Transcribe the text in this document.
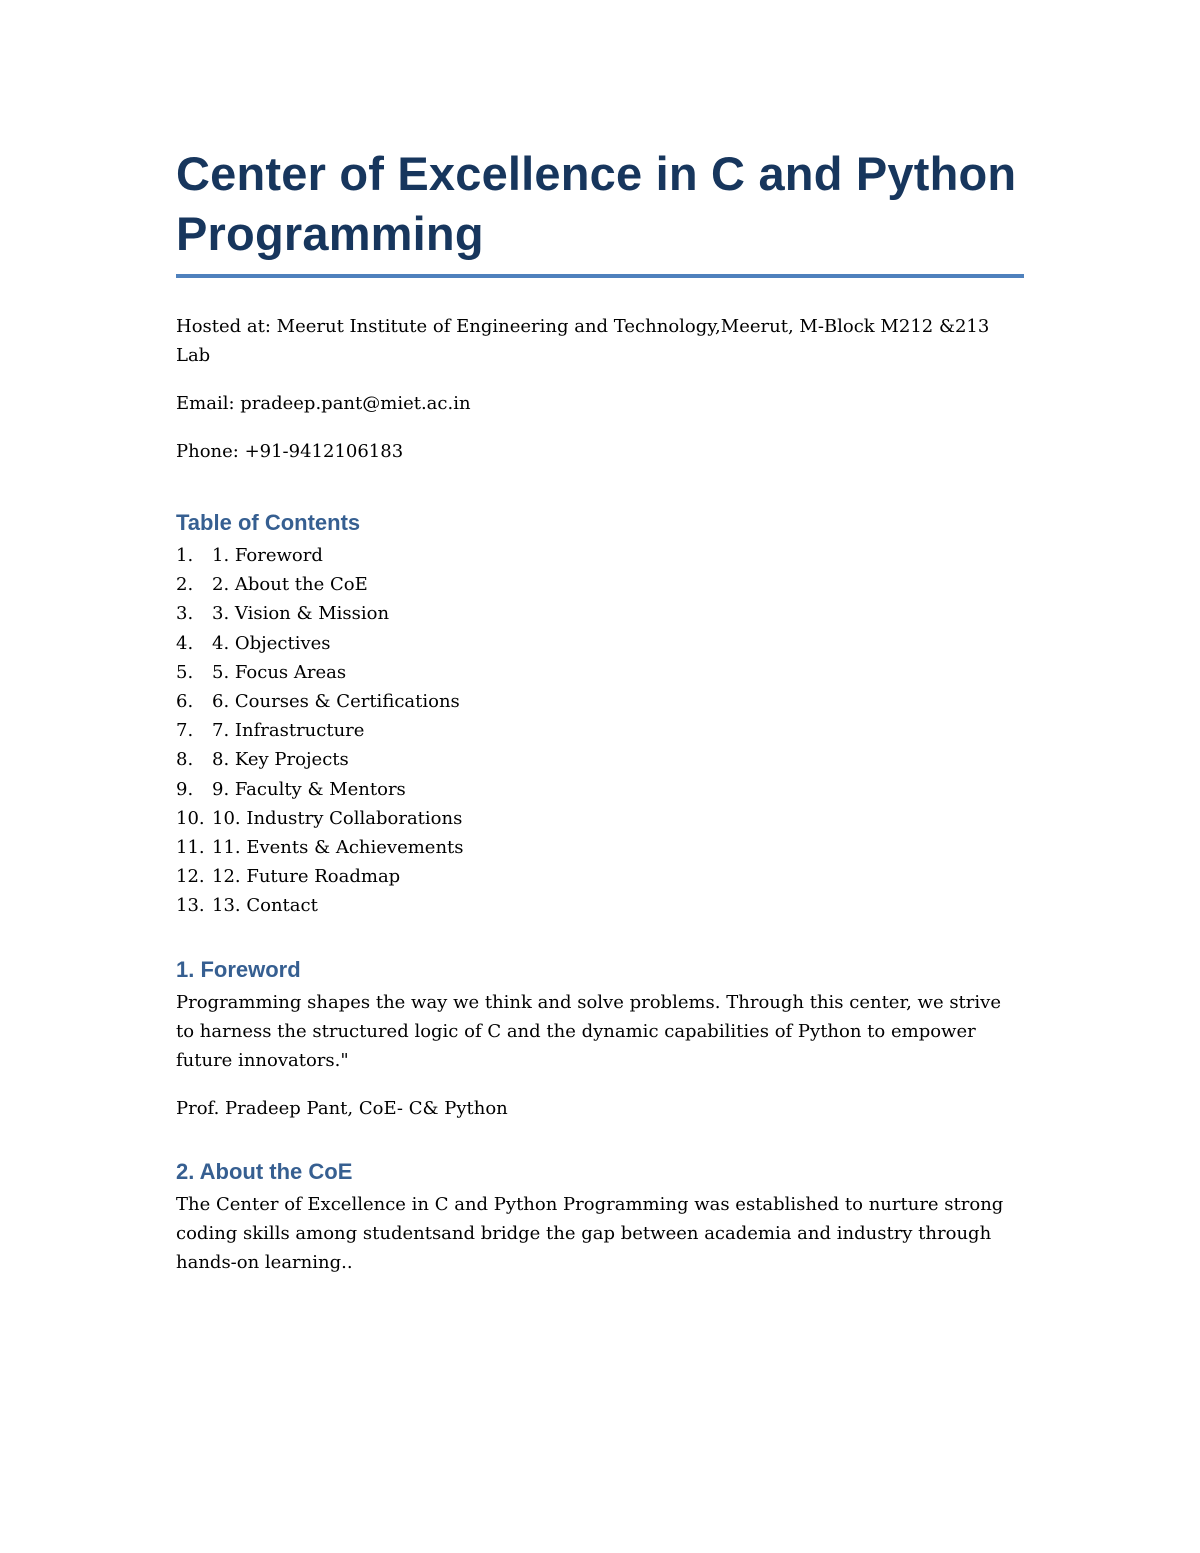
Center of Excellence in C and Python Programming

Hosted at: Meerut Institute of Engineering and Technology,Meerut, M-Block M212 &213 Lab

Email: pradeep.pant@miet.ac.in

Phone: +91-9412106183

Table of Contents
1.	1. Foreword
2.	2. About the CoE
3.	3. Vision & Mission
4.	4. Objectives
5.	5. Focus Areas
6.	6. Courses & Certifications
7.	7. Infrastructure
8.	8. Key Projects
9.	9. Faculty & Mentors
10. 10. Industry Collaborations
11. 11. Events & Achievements
12. 12. Future Roadmap
13. 13. Contact
1. Foreword

Programming shapes the way we think and solve problems. Through this center, we strive to harness the structured logic of C and the dynamic capabilities of Python to empower future innovators."

Prof. Pradeep Pant, CoE- C& Python

2. About the CoE

The Center of Excellence in C and Python Programming was established to nurture strong coding skills among studentsand bridge the gap between academia and industry through hands-on learning..
